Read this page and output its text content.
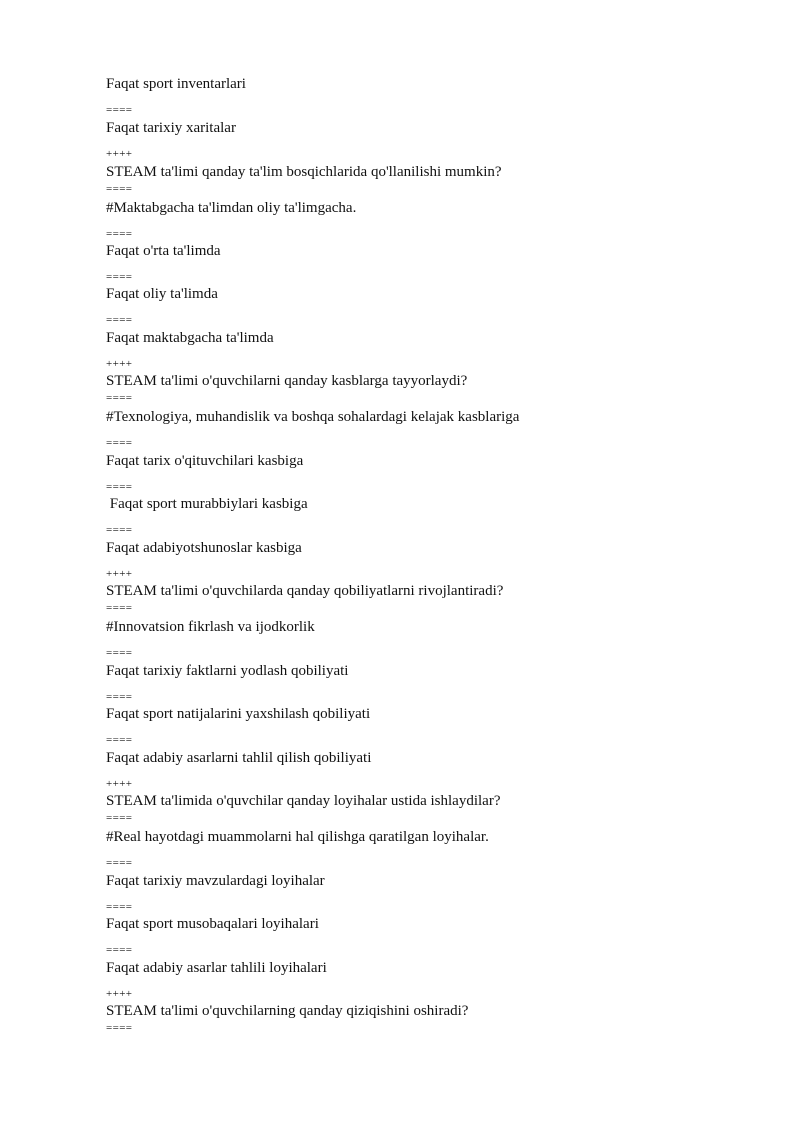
Faqat sport inventarlari
====
Faqat tarixiy xaritalar
++++
STEAM ta'limi qanday ta'lim bosqichlarida qo'llanilishi mumkin?
====
#Maktabgacha ta'limdan oliy ta'limgacha.
====
Faqat o'rta ta'limda
====
Faqat oliy ta'limda
====
Faqat maktabgacha ta'limda
++++
STEAM ta'limi o'quvchilarni qanday kasblarga tayyorlaydi?
====
#Texnologiya, muhandislik va boshqa sohalardagi kelajak kasblariga
====
Faqat tarix o'qituvchilari kasbiga
====
Faqat sport murabbiylari kasbiga
====
Faqat adabiyotshunoslar kasbiga
++++
STEAM ta'limi o'quvchilarda qanday qobiliyatlarni rivojlantiradi?
====
#Innovatsion fikrlash va ijodkorlik
====
Faqat tarixiy faktlarni yodlash qobiliyati
====
Faqat sport natijalarini yaxshilash qobiliyati
====
Faqat adabiy asarlarni tahlil qilish qobiliyati
++++
STEAM ta'limida o'quvchilar qanday loyihalar ustida ishlaydilar?
====
#Real hayotdagi muammolarni hal qilishga qaratilgan loyihalar.
====
Faqat tarixiy mavzulardagi loyihalar
====
Faqat sport musobaqalari loyihalari
====
Faqat adabiy asarlar tahlili loyihalari
++++
STEAM ta'limi o'quvchilarning qanday qiziqishini oshiradi?
====
